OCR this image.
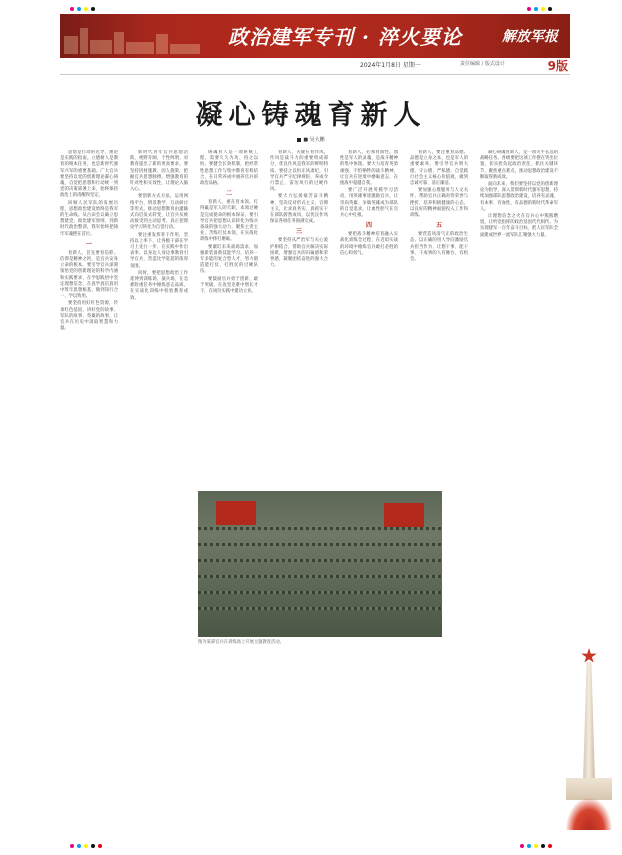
政治建军专刊 · 淬火要论	解放军报
2024年1月8日 星期一	责任编辑 / 版式设计	9版
凝心铸魂育新人
■ 吴大鹏

思想是行动的先导，理论是实践的指南。立德树人是教育的根本任务，也是新时代强军兴军的重要基础。广大官兵要坚持以党的创新理论凝心铸魂，自觉把思想和行动统一到党的决策部署上来，始终保持政治上的清醒和坚定。

回顾人民军队的发展历程，思想政治建设始终是我军的生命线。从古田会议确立思想建党、政治建军原则，到新时代政治整训，我军始终把铸牢军魂摆在首位。

一

育新人，首先要育信仰。信仰是精神之钙，是官兵安身立命的根本。要引导官兵深刻领悟党的创新理论的科学内涵和实践要求，在学思践悟中坚定理想信念，在真学真信真用中筑牢思想根基，做到知行合一、学以致用。

要坚持用好红色资源，传承红色基因，讲好党的故事、军队的故事、英雄的故事，让官兵在历史中汲取智慧和力量。

新时代青年官兵思想活跃、视野开阔、个性鲜明，对教育提出了新的更高要求。要坚持因材施教、因人施策，把握官兵思想脉搏，增强教育的针对性和实效性，让理论入脑入心。

要创新方式方法，运用网络平台、情景教学、互动研讨等形式，推动思想教育由灌输式向启发式转变，让官兵从被动接受到主动思考，真正把理论学习转化为自觉行动。

要注重发挥骨干作用，坚持以上率下，让各级干部在学习上先行一步、在实践中作出表率，以身边人身边事教育引导官兵，营造比学赶超的浓厚氛围。

同时，要把思想政治工作延伸到训练场、演兵场，在急难险重任务中锤炼意志品质，在实战化训练中检验教育成效。

铸魂育人是一项系统工程，需要久久为功、持之以恒。要健全长效机制，把经常性思想工作与集中教育有机结合，在日常养成中涵养官兵的政治品格。

二

育新人，重在育本领。打得赢是军人的天职，本领过硬是完成使命的根本保证。要引导官兵把思想认识转化为练兵备战的强大动力，聚焦主责主业，苦练打仗本领，在实战化训练中摔打磨砺。

要紧盯未来战场需求，加强新装备新技能学习，培养一专多能的复合型人才，努力锻造能打仗、打胜仗的过硬队伍。

要鼓励官兵勇于创新、敢于突破，在攻坚克难中增长才干，在岗位实践中建功立业。

育新人，关键在育作风。作风是战斗力的重要组成部分，优良作风是我军的鲜明特质。要持之以恒正风肃纪，引导官兵严守纪律规矩，养成令行禁止、雷厉风行的过硬作风。

要大力弘扬艰苦奋斗精神，坚决反对形式主义、官僚主义，让求真务实、真抓实干在部队蔚然成风，以优良作风保证各项任务圆满完成。

三

要坚持从严治军与关心爱护相结合，帮助官兵解决实际困难，增强官兵的归属感和荣誉感，凝聚团结奋进的强大合力。

育新人，必须育血性。血性是军人的灵魂，是战斗精神的集中体现。要大力培育英勇顽强、不怕牺牲的战斗精神，让官兵在逆境中磨砺意志，在挑战中超越自我。

要广泛开展英模学习活动，用英雄事迹激励官兵，让崇尚英雄、争做英雄成为部队的自觉追求，让血性胆气在官兵心中扎根。

四

要把战斗精神培育融入实战化训练全过程，在近似实战的环境中锤炼官兵敢打必胜的信心和勇气。

育新人，要注重育品德。品德是立身之本，也是军人的重要素养。要引导官兵明大德、守公德、严私德，自觉践行社会主义核心价值观，做到忠诚可靠、清正廉洁。

要加强心理服务与人文关怀，帮助官兵正确对待荣誉与挫折，培养积极健康的心态，以良好的精神面貌投入工作和训练。

五

要营造风清气正的政治生态，以正确的用人导向激励官兵担当作为，让想干事、能干事、干成事的人有舞台、有机会。

凝心铸魂育新人，是一项关乎长远的战略任务。各级要把这项工作摆在突出位置，切实担负起政治责任，抓住关键环节，聚焦重点难点，推动思想政治建设不断取得新成效。

面向未来，我们要坚持以党的创新理论为指导，深入贯彻新时代强军思想，持续加强部队思想政治建设，培养有灵魂、有本事、有血性、有品德的新时代革命军人。

让理想信念之火在官兵心中熊熊燃烧，让听党指挥的政治基因代代相传，为实现建军一百年奋斗目标、把人民军队全面建成世界一流军队汇聚强大力量。

图为某部官兵在训练场上开展主题教育活动。
